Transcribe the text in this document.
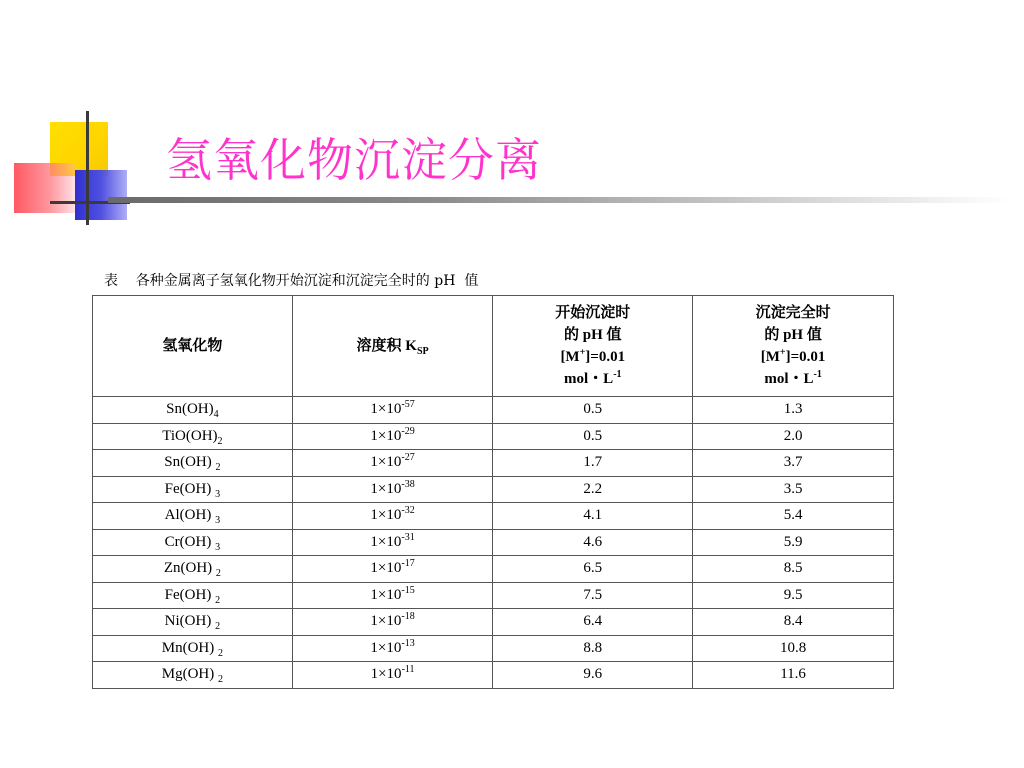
氢氧化物沉淀分离
表    各种金属离子氢氧化物开始沉淀和沉淀完全时的 pH  值
氢氧化物	溶度积 $K_{SP}$	开始沉淀时
的 pH 值
[M+]=0.01
mol・$L^{-1}$	沉淀完全时
的 pH 值
[M+]=0.01
mol・$L^{-1}$
$Sn(OH)_4$	$1\times 10^{-57}$	0.5	1.3
$TiO(OH)_2$	$1\times 10^{-29}$	0.5	2.0
Sn(OH) $_2$	$1\times 10^{-27}$	1.7	3.7
Fe(OH) $_3$	$1\times 10^{-38}$	2.2	3.5
Al(OH) $_3$	$1\times 10^{-32}$	4.1	5.4
Cr(OH) $_3$	$1\times 10^{-31}$	4.6	5.9
Zn(OH) $_2$	$1\times 10^{-17}$	6.5	8.5
Fe(OH) $_2$	$1\times 10^{-15}$	7.5	9.5
Ni(OH) $_2$	$1\times 10^{-18}$	6.4	8.4
Mn(OH) $_2$	$1\times 10^{-13}$	8.8	10.8
Mg(OH) $_2$	$1\times 10^{-11}$	9.6	11.6
